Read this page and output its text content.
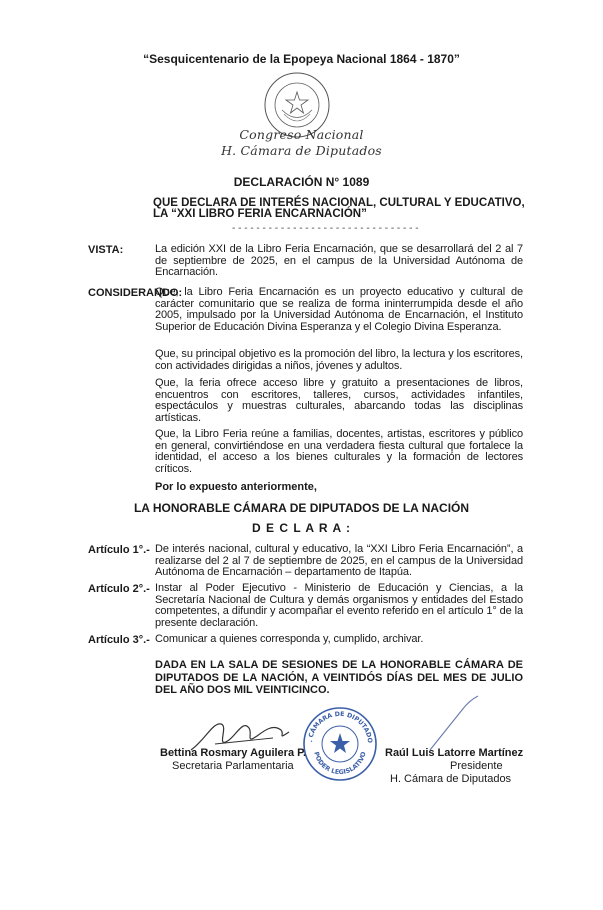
“Sesquicentenario de la Epopeya Nacional 1864 - 1870”
Congreso Nacional
H. Cámara de Diputados
DECLARACIÓN N° 1089
QUE DECLARA DE INTERÉS NACIONAL, CULTURAL Y EDUCATIVO,
LA “XXI LIBRO FERIA ENCARNACIÓN”
- - - - - - - - - - - - - - - - - - - - - - - - - - - - - - -
VISTA:	La edición XXI de la Libro Feria Encarnación, que se desarrollará del 2 al 7 de septiembre de 2025, en el campus de la Universidad Autónoma de Encarnación.
CONSIDERANDO:
Que, la Libro Feria Encarnación es un proyecto educativo y cultural de carácter comunitario que se realiza de forma ininterrumpida desde el año 2005, impulsado por la Universidad Autónoma de Encarnación, el Instituto Superior de Educación Divina Esperanza y el Colegio Divina Esperanza.
Que, su principal objetivo es la promoción del libro, la lectura y los escritores, con actividades dirigidas a niños, jóvenes y adultos.
Que, la feria ofrece acceso libre y gratuito a presentaciones de libros, encuentros con escritores, talleres, cursos, actividades infantiles, espectáculos y muestras culturales, abarcando todas las disciplinas artísticas.
Que, la Libro Feria reúne a familias, docentes, artistas, escritores y público en general, convirtiéndose en una verdadera fiesta cultural que fortalece la identidad, el acceso a los bienes culturales y la formación de lectores críticos.
Por lo expuesto anteriormente,
LA HONORABLE CÁMARA DE DIPUTADOS DE LA NACIÓN
D E C L A R A :
Artículo 1°.- De interés nacional, cultural y educativo, la “XXI Libro Feria Encarnación”, a realizarse del 2 al 7 de septiembre de 2025, en el campus de la Universidad Autónoma de Encarnación – departamento de Itapúa.
Artículo 2°.- Instar al Poder Ejecutivo - Ministerio de Educación y Ciencias, a la Secretaría Nacional de Cultura y demás organismos y entidades del Estado competentes, a difundir y acompañar el evento referido en el artículo 1° de la presente declaración.
Artículo 3°.- Comunicar a quienes corresponda y, cumplido, archivar.
DADA EN LA SALA DE SESIONES DE LA HONORABLE CÁMARA DE DIPUTADOS DE LA NACIÓN, A VEINTIDÓS DÍAS DEL MES DE JULIO DEL AÑO DOS MIL VEINTICINCO.
. CÁMARA DE DIPUTADO
PODER LEGISLATIVO
Bettina Rosmary Aguilera P.
Secretaria Parlamentaria
Raúl Luis Latorre Martínez
Presidente
H. Cámara de Diputados
